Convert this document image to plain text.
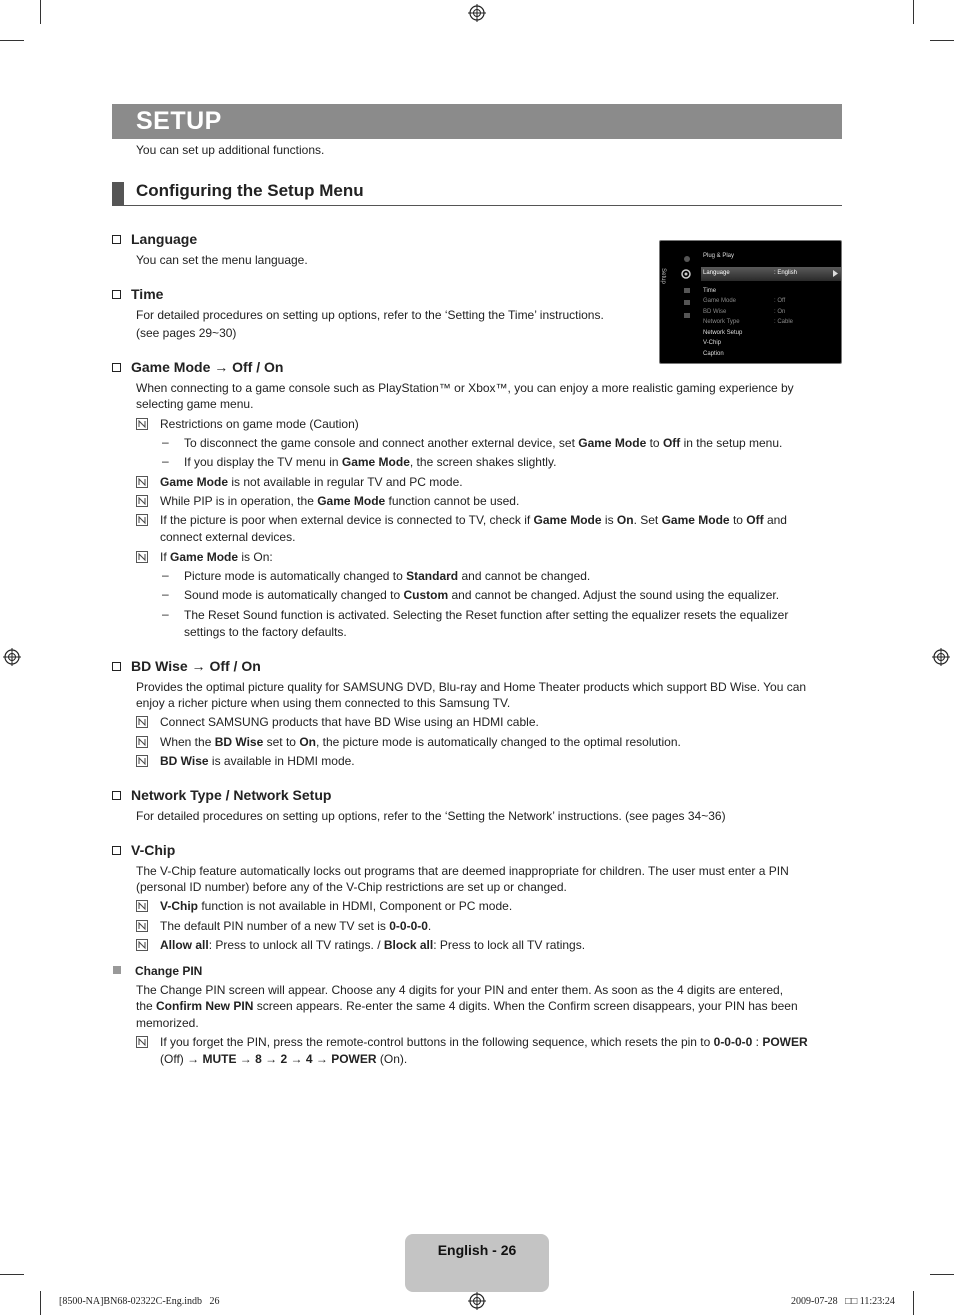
SETUP
You can set up additional functions.
Configuring the Setup Menu
Language
You can set the menu language.
Time
For detailed procedures on setting up options, refer to the ‘Setting the Time’ instructions.
(see pages 29~30)
Setup
Plug & Play
Language	: English
Time
Game Mode	: Off
BD Wise	: On
Network Type	: Cable
Network Setup
V-Chip
Caption
Game Mode → Off / On
When connecting to a game console such as PlayStation™ or Xbox™, you can enjoy a more realistic gaming experience by
selecting game menu.
Restrictions on game mode (Caution)
– To disconnect the game console and connect another external device, set Game Mode to Off in the setup menu.
– If you display the TV menu in Game Mode, the screen shakes slightly.
Game Mode is not available in regular TV and PC mode.
While PIP is in operation, the Game Mode function cannot be used.
If the picture is poor when external device is connected to TV, check if Game Mode is On. Set Game Mode to Off and
connect external devices.
If Game Mode is On:
– Picture mode is automatically changed to Standard and cannot be changed.
– Sound mode is automatically changed to Custom and cannot be changed. Adjust the sound using the equalizer.
– The Reset Sound function is activated. Selecting the Reset function after setting the equalizer resets the equalizer
settings to the factory defaults.
BD Wise → Off / On
Provides the optimal picture quality for SAMSUNG DVD, Blu-ray and Home Theater products which support BD Wise. You can
enjoy a richer picture when using them connected to this Samsung TV.
Connect SAMSUNG products that have BD Wise using an HDMI cable.
When the BD Wise set to On, the picture mode is automatically changed to the optimal resolution.
BD Wise is available in HDMI mode.
Network Type / Network Setup
For detailed procedures on setting up options, refer to the ‘Setting the Network’ instructions. (see pages 34~36)
V-Chip
The V-Chip feature automatically locks out programs that are deemed inappropriate for children. The user must enter a PIN
(personal ID number) before any of the V-Chip restrictions are set up or changed.
V-Chip function is not available in HDMI, Component or PC mode.
The default PIN number of a new TV set is 0-0-0-0.
Allow all: Press to unlock all TV ratings. / Block all: Press to lock all TV ratings.
Change PIN
The Change PIN screen will appear. Choose any 4 digits for your PIN and enter them. As soon as the 4 digits are entered,
the Confirm New PIN screen appears. Re-enter the same 4 digits. When the Confirm screen disappears, your PIN has been
memorized.
If you forget the PIN, press the remote-control buttons in the following sequence, which resets the pin to 0-0-0-0 : POWER
(Off) → MUTE → 8 → 2 → 4 → POWER (On).
English - 26
[8500-NA]BN68-02322C-Eng.indb   26	2009-07-28   □□ 11:23:24
